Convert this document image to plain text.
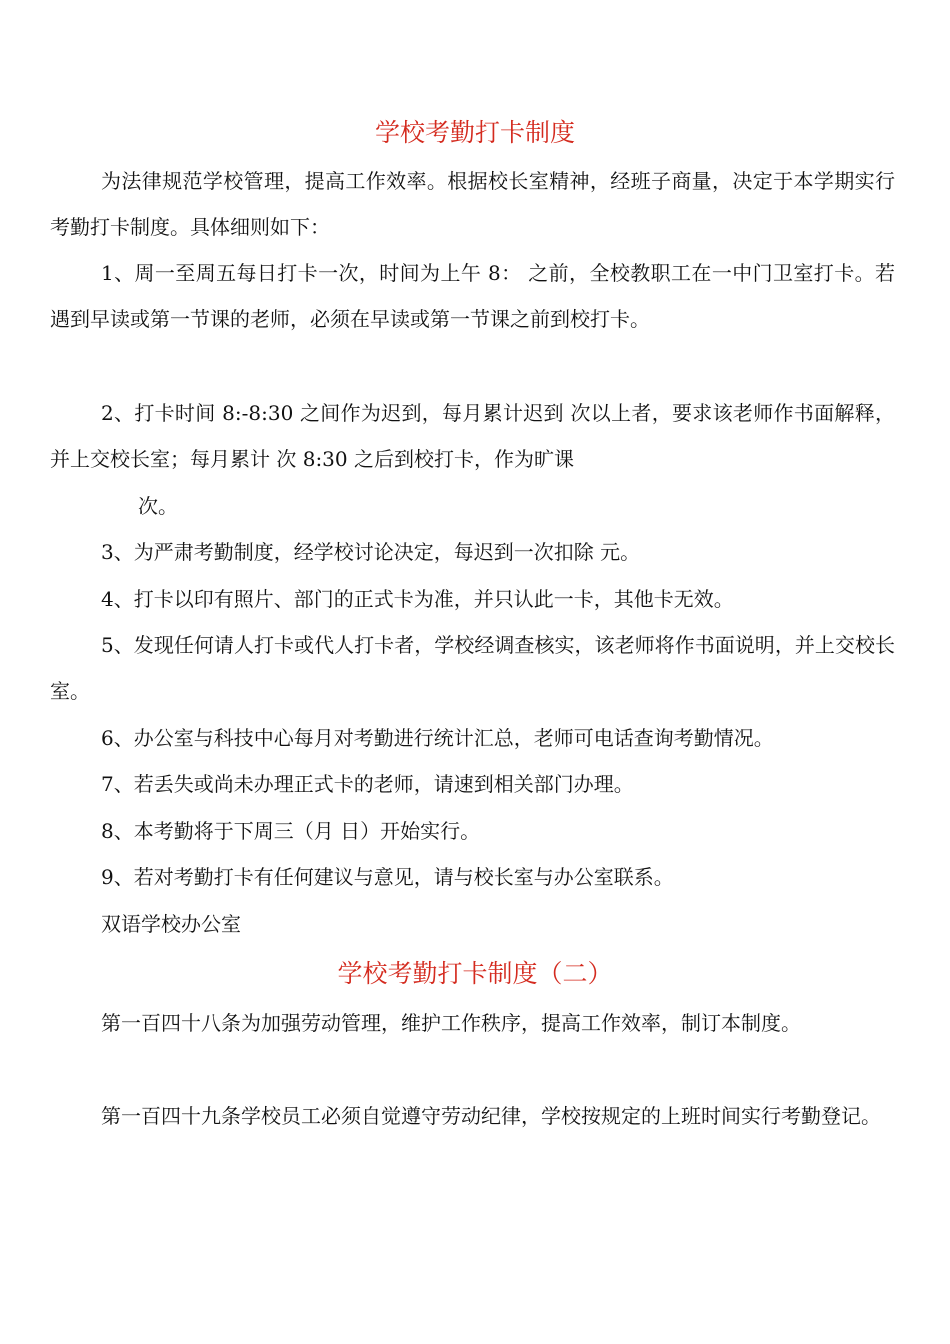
学校考勤打卡制度

为法律规范学校管理，提高工作效率。根据校长室精神，经班子商量，决定于本学期实行考勤打卡制度。具体细则如下：

1、周一至周五每日打卡一次，时间为上午 8： 之前，全校教职工在一中门卫室打卡。若遇到早读或第一节课的老师，必须在早读或第一节课之前到校打卡。

2、打卡时间 8:-8:30 之间作为迟到，每月累计迟到 次以上者，要求该老师作书面解释，并上交校长室；每月累计 次 8:30 之后到校打卡，作为旷课

次。

3、为严肃考勤制度，经学校讨论决定，每迟到一次扣除 元。

4、打卡以印有照片、部门的正式卡为准，并只认此一卡，其他卡无效。

5、发现任何请人打卡或代人打卡者，学校经调查核实，该老师将作书面说明，并上交校长室。

6、办公室与科技中心每月对考勤进行统计汇总，老师可电话查询考勤情况。

7、若丢失或尚未办理正式卡的老师，请速到相关部门办理。

8、本考勤将于下周三（月 日）开始实行。

9、若对考勤打卡有任何建议与意见，请与校长室与办公室联系。

双语学校办公室

学校考勤打卡制度（二）

第一百四十八条为加强劳动管理，维护工作秩序，提高工作效率，制订本制度。

第一百四十九条学校员工必须自觉遵守劳动纪律，学校按规定的上班时间实行考勤登记。
